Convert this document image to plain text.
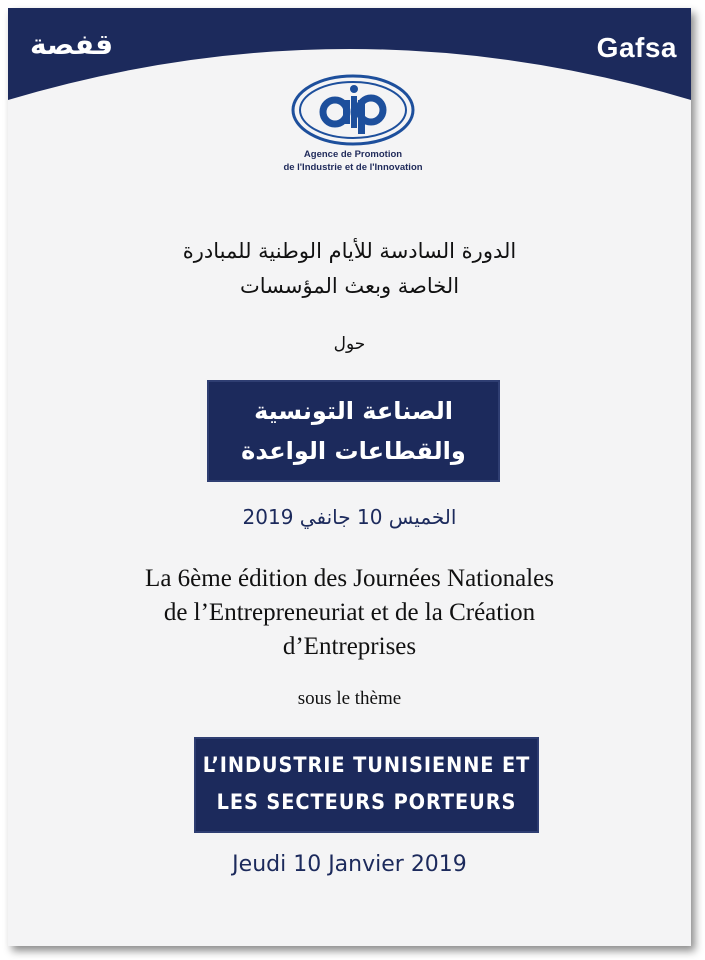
قفصة	Gafsa
Agence de Promotion
de l'Industrie et de l'Innovation
الدورة السادسة للأيام الوطنية للمبادرة
الخاصة وبعث المؤسسات
حول
الصناعة التونسية
والقطاعات الواعدة
الخميس 10 جانفي 2019
La 6ème édition des Journées Nationales
de l’Entrepreneuriat et de la Création
d’Entreprises
sous le thème
L’INDUSTRIE TUNISIENNE ET
LES SECTEURS PORTEURS
Jeudi 10 Janvier 2019
